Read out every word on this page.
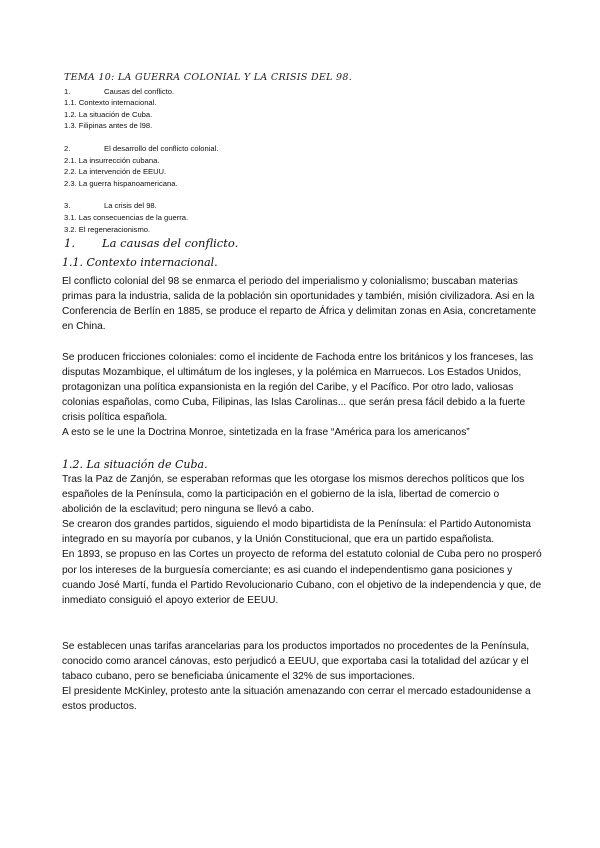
TEMA 10: LA GUERRA COLONIAL Y LA CRISIS DEL 98.
1.	Causas del conflicto.
1.1. Contexto internacional.
1.2. La situación de Cuba.
1.3. Filipinas antes de l98.
2.	El desarrollo del conflicto colonial.
2.1. La insurrección cubana.
2.2. La intervención de EEUU.
2.3. La guerra hispanoamericana.
3.	La crisis del 98.
3.1. Las consecuencias de la guerra.
3.2. El regeneracionismo.
1. La causas del conflicto.
1.1. Contexto internacional.

El conflicto colonial del 98 se enmarca el periodo del imperialismo y colonialismo; buscaban materias primas para la industria, salida de la población sin oportunidades y también, misión civilizadora. Asi en la Conferencia de Berlín en 1885, se produce el reparto de África y delimitan zonas en Asia, concretamente en China.

Se producen fricciones coloniales: como el incidente de Fachoda entre los británicos y los franceses, las disputas Mozambique, el ultimátum de los ingleses, y la polémica en Marruecos. Los Estados Unidos, protagonizan una política expansionista en la región del Caribe, y el Pacífico. Por otro lado, valiosas colonias españolas, como Cuba, Filipinas, las Islas Carolinas... que serán presa fácil debido a la fuerte crisis política española.

A esto se le une la Doctrina Monroe, sintetizada en la frase “América para los americanos”

1.2. La situación de Cuba.

Tras la Paz de Zanjón, se esperaban reformas que les otorgase los mismos derechos políticos que los españoles de la Península, como la participación en el gobierno de la isla, libertad de comercio o abolición de la esclavitud; pero ninguna se llevó a cabo.

Se crearon dos grandes partidos, siguiendo el modo bipartidista de la Península: el Partido Autonomista integrado en su mayoría por cubanos, y la Unión Constitucional, que era un partido españolista.

En 1893, se propuso en las Cortes un proyecto de reforma del estatuto colonial de Cuba pero no prosperó por los intereses de la burguesía comerciante; es asi cuando el independentismo gana posiciones y cuando José Martí, funda el Partido Revolucionario Cubano, con el objetivo de la independencia y que, de inmediato consiguió el apoyo exterior de EEUU.

Se establecen unas tarifas arancelarias para los productos importados no procedentes de la Península, conocido como arancel cánovas, esto perjudicó a EEUU, que exportaba casi la totalidad del azúcar y el tabaco cubano, pero se beneficiaba únicamente el 32% de sus importaciones.

El presidente McKinley, protesto ante la situación amenazando con cerrar el mercado estadounidense a estos productos.
